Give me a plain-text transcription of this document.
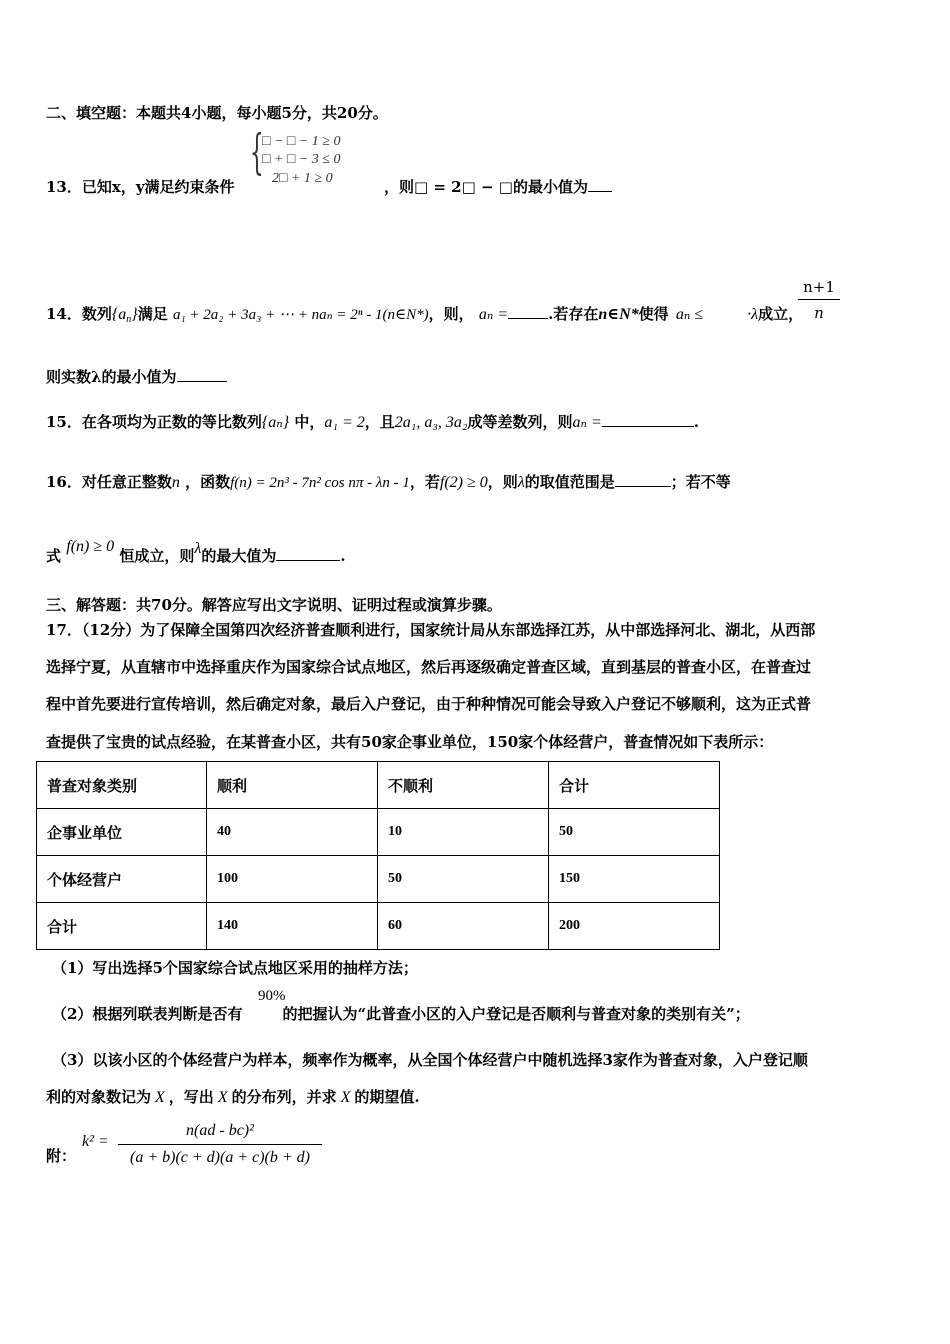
二、填空题：本题共4小题，每小题5分，共20分。
{
□ − □ − 1 ≥ 0
□ + □ − 3 ≤ 0
2□ + 1 ≥ 0
13．已知x，y满足约束条件	，则□ = 2□ − □的最小值为
n+1
n
14．数列$\{a_n\}$满足 a₁ + 2a₂ + 3a₃ + ⋯ + naₙ = 2ⁿ - 1(n∈N*)，则， aₙ =	.若存在n∈N*使得 aₙ ≤	·λ成立，
则实数λ的最小值为
15．在各项均为正数的等比数列{aₙ} 中，a₁ = 2，且2a₁, a₃, 3a₂成等差数列，则aₙ =	.
16．对任意正整数n ，函数f(n) = 2n³ - 7n² cos nπ - λn - 1，若f(2) ≥ 0，则λ的取值范围是	；若不等
式 f(n) ≥ 0 恒成立，则λ的最大值为	.
三、解答题：共70分。解答应写出文字说明、证明过程或演算步骤。
17．（12分）为了保障全国第四次经济普查顺利进行，国家统计局从东部选择江苏，从中部选择河北、湖北，从西部
选择宁夏，从直辖市中选择重庆作为国家综合试点地区，然后再逐级确定普查区域，直到基层的普查小区，在普查过
程中首先要进行宣传培训，然后确定对象，最后入户登记，由于种种情况可能会导致入户登记不够顺利，这为正式普
查提供了宝贵的试点经验，在某普查小区，共有50家企事业单位，150家个体经营户，普查情况如下表所示：
普查对象类别	顺利	不顺利	合计
企事业单位	40	10	50
个体经营户	100	50	150
合计	140	60	200
（1）写出选择5个国家综合试点地区采用的抽样方法；
90%
（2）根据列联表判断是否有	的把握认为“此普查小区的入户登记是否顺利与普查对象的类别有关”；
（3）以该小区的个体经营户为样本，频率作为概率，从全国个体经营户中随机选择3家作为普查对象，入户登记顺
利的对象数记为 X ，写出 X 的分布列，并求 X 的期望值.
附：
k² =
n(ad - bc)²
(a + b)(c + d)(a + c)(b + d)
